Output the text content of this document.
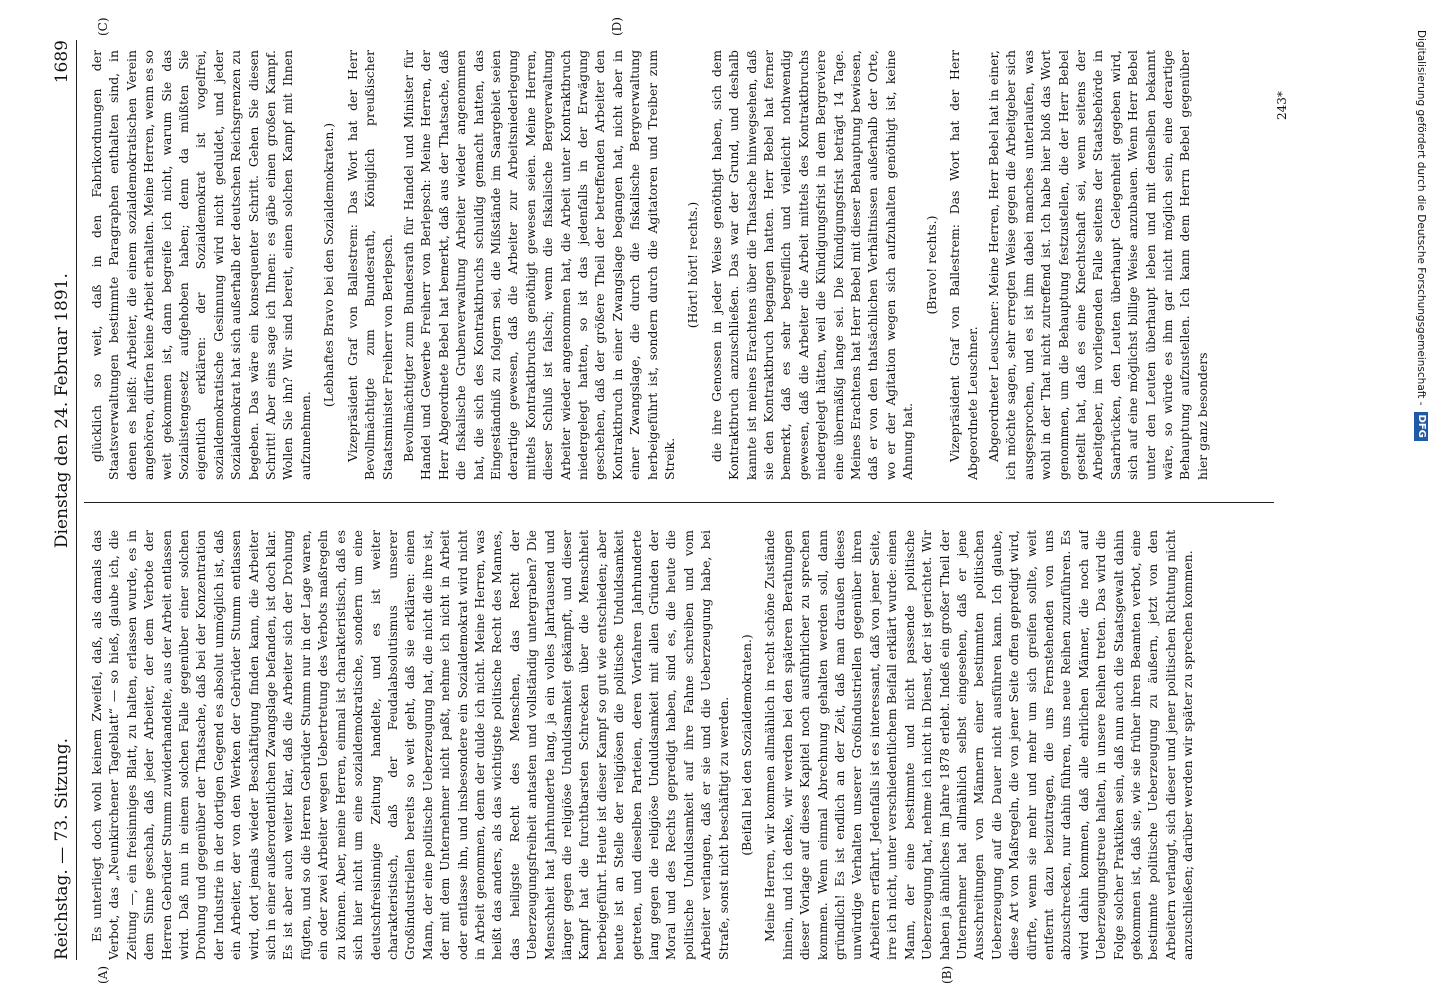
Reichstag. — 73. Sitzung.
Dienstag den 24. Februar 1891.
1689
(A)	(B)
(C)	(D)

Es unterliegt doch wohl keinem Zweifel, daß, als damals das Verbot, das „Neunkirchener Tageblatt“ — so hieß, glaube ich, die Zeitung —, ein freisinniges Blatt, zu halten, erlassen wurde, es in dem Sinne geschah, daß jeder Arbeiter, der dem Verbote der Herren Gebrüder Stumm zuwiderhandelte, aus der Arbeit entlassen wird. Daß nun in einem solchen Falle gegenüber einer solchen Drohung und gegenüber der Thatsache, daß bei der Konzentration der Industrie in der dortigen Gegend es absolut unmöglich ist, daß ein Arbeiter, der von den Werken der Gebrüder Stumm entlassen wird, dort jemals wieder Beschäftigung finden kann, die Arbeiter sich in einer außerordentlichen Zwangslage befanden, ist doch klar. Es ist aber auch weiter klar, daß die Arbeiter sich der Drohung fügten, und so die Herren Gebrüder Stumm nur in der Lage waren, ein oder zwei Arbeiter wegen Uebertretung des Verbots maßregeln zu können. Aber, meine Herren, einmal ist charakteristisch, daß es sich hier nicht um eine sozialdemokratische, sondern um eine deutschfreisinnige Zeitung handelte, und es ist weiter charakteristisch, daß der Feudalabsolutismus unserer Großindustriellen bereits so weit geht, daß sie erklären: einen Mann, der eine politische Ueberzeugung hat, die nicht die ihre ist, der mit dem Unternehmer nicht paßt, nehme ich nicht in Arbeit oder entlasse ihn, und insbesondere ein Sozialdemokrat wird nicht in Arbeit genommen, denn der dulde ich nicht. Meine Herren, was heißt das anders, als das wichtigste politische Recht des Mannes, das heiligste Recht des Menschen, das Recht der Ueberzeugungsfreiheit antasten und vollständig untergraben? Die Menschheit hat Jahrhunderte lang, ja ein volles Jahrtausend und länger gegen die religiöse Unduldsamkeit gekämpft, und dieser Kampf hat die furchtbarsten Schrecken über die Menschheit herbeigeführt. Heute ist dieser Kampf so gut wie entschieden; aber heute ist an Stelle der religiösen die politische Unduldsamkeit getreten, und dieselben Parteien, deren Vorfahren Jahrhunderte lang gegen die religiöse Unduldsamkeit mit allen Gründen der Moral und des Rechts gepredigt haben, sind es, die heute die politische Unduldsamkeit auf ihre Fahne schreiben und vom Arbeiter verlangen, daß er sie und die Ueberzeugung habe, bei Strafe, sonst nicht beschäftigt zu werden. (Beifall bei den Sozialdemokraten.) Meine Herren, wir kommen allmählich in recht schöne Zustände hinein, und ich denke, wir werden bei den späteren Berathungen dieser Vorlage auf dieses Kapitel noch ausführlicher zu sprechen kommen. Wenn einmal Abrechnung gehalten werden soll, dann gründlich! Es ist endlich an der Zeit, daß man draußen dieses unwürdige Verhalten unserer Großindustriellen gegenüber ihren Arbeitern erfährt. Jedenfalls ist es interessant, daß von jener Seite, irre ich nicht, unter verschiedentlichem Beifall erklärt wurde: einen Mann, der eine bestimmte und nicht passende politische Ueberzeugung hat, nehme ich nicht in Dienst, der ist gerichtet. Wir haben ja ähnliches im Jahre 1878 erlebt. Indeß ein großer Theil der Unternehmer hat allmählich selbst eingesehen, daß er jene Ausschreitungen von Männern einer bestimmten politischen Ueberzeugung auf die Dauer nicht ausführen kann. Ich glaube, diese Art von Maßregeln, die von jener Seite offen gepredigt wird, dürfte, wenn sie mehr und mehr um sich greifen sollte, weit entfernt dazu beizutragen, die uns Fernstehenden von uns abzuschrecken, nur dahin führen, uns neue Reihen zuzuführen. Es wird dahin kommen, daß alle ehrlichen Männer, die noch auf Ueberzeugungstreue halten, in unsere Reihen treten. Das wird die Folge solcher Praktiken sein, daß nun auch die Staatsgewalt dahin gekommen ist, daß sie, wie sie früher ihren Beamten verbot, eine bestimmte politische Ueberzeugung zu äußern, jetzt von den Arbeitern verlangt, sich dieser und jener politischen Richtung nicht anzuschließen; darüber werden wir später zu sprechen kommen.

glücklich so weit, daß in den Fabrikordnungen der Staatsverwaltungen bestimmte Paragraphen enthalten sind, in denen es heißt: Arbeiter, die einem sozialdemokratischen Verein angehören, dürfen keine Arbeit erhalten. Meine Herren, wenn es so weit gekommen ist, dann begreife ich nicht, warum Sie das Sozialistengesetz aufgehoben haben; denn da müßten Sie eigentlich erklären: der Sozialdemokrat ist vogelfrei, sozialdemokratische Gesinnung wird nicht geduldet, und jeder Sozialdemokrat hat sich außerhalb der deutschen Reichsgrenzen zu begeben. Das wäre ein konsequenter Schritt. Gehen Sie diesen Schritt! Aber eins sage ich Ihnen: es gäbe einen großen Kampf. Wollen Sie ihn? Wir sind bereit, einen solchen Kampf mit Ihnen aufzunehmen.

(Lebhaftes Bravo bei den Sozialdemokraten.) Vizepräsident Graf von Ballestrem: Das Wort hat der Herr Bevollmächtigte zum Bundesrath, Königlich preußischer Staatsminister Freiherr von Berlepsch. Bevollmächtigter zum Bundesrath für Handel und Minister für Handel und Gewerbe Freiherr von Berlepsch: Meine Herren, der Herr Abgeordnete Bebel hat bemerkt, daß aus der Thatsache, daß die fiskalische Grubenverwaltung Arbeiter wieder angenommen hat, die sich des Kontraktbruchs schuldig gemacht hatten, das Eingeständniß zu folgern sei, die Mißstände im Saargebiet seien derartige gewesen, daß die Arbeiter zur Arbeitsniederlegung mittels Kontraktbruchs genöthigt gewesen seien. Meine Herren, dieser Schluß ist falsch; wenn die fiskalische Bergverwaltung Arbeiter wieder angenommen hat, die Arbeit unter Kontraktbruch niedergelegt hatten, so ist das jedenfalls in der Erwägung geschehen, daß der größere Theil der betreffenden Arbeiter den Kontraktbruch in einer Zwangslage begangen hat, nicht aber in einer Zwangslage, die durch die fiskalische Bergverwaltung herbeigeführt ist, sondern durch die Agitatoren und Treiber zum Streik.

(Hört! hört! rechts.) die ihre Genossen in jeder Weise genöthigt haben, sich dem Kontraktbruch anzuschließen. Das war der Grund, und deshalb kannte ist meines Erachtens über die Thatsache hinwegsehen, daß sie den Kontraktbruch begangen hatten. Herr Bebel hat ferner bemerkt, daß es sehr begreiflich und vielleicht nothwendig gewesen, daß die Arbeiter die Arbeit mittels des Kontraktbruchs niedergelegt hätten, weil die Kündigungsfrist in dem Bergreviere eine übermäßig lange sei. Die Kündigungsfrist beträgt 14 Tage. Meines Erachtens hat Herr Bebel mit dieser Behauptung bewiesen, daß er von den thatsächlichen Verhältnissen außerhalb der Orte, wo er der Agitation wegen sich aufzuhalten genöthigt ist, keine Ahnung hat.

(Bravo! rechts.) Vizepräsident Graf von Ballestrem: Das Wort hat der Herr Abgeordnete Leuschner. Abgeordneter Leuschner: Meine Herren, Herr Bebel hat in einer, ich möchte sagen, sehr erregten Weise gegen die Arbeitgeber sich ausgesprochen, und es ist ihm dabei manches unterlaufen, was wohl in der That nicht zutreffend ist. Ich habe hier bloß das Wort genommen, um die Behauptung festzustellen, die der Herr Bebel gestellt hat, daß es eine Knechtschaft sei, wenn seitens der Arbeitgeber, im vorliegenden Falle seitens der Staatsbehörde in Saarbrücken, den Leuten überhaupt Gelegenheit gegeben wird, sich auf eine möglichst billige Weise anzubauen. Wenn Herr Bebel unter den Leuten überhaupt leben und mit denselben bekannt wäre, so würde es ihm gar nicht möglich sein, eine derartige Behauptung aufzustellen. Ich kann dem Herrn Bebel gegenüber hier ganz besonders

243*	Digitalisierung gefördert durch die Deutsche Forschungsgemeinschaft -
DFG
